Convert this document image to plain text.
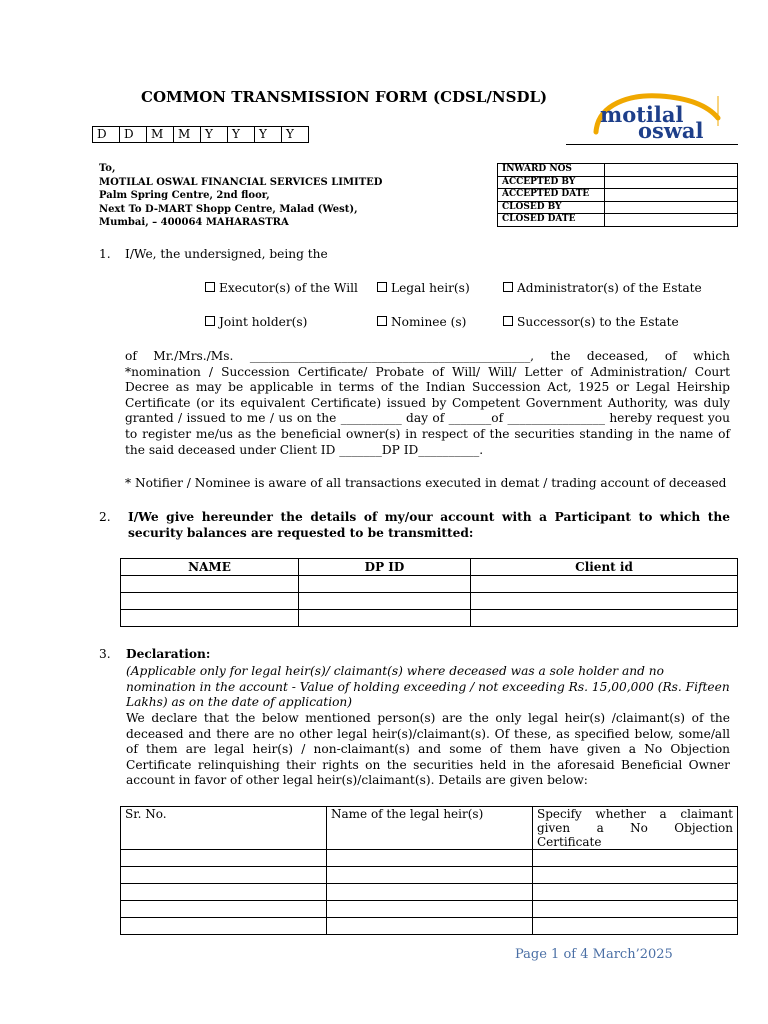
COMMON TRANSMISSION FORM (CDSL/NSDL)
motilal
oswal
D	D	M	M	Y	Y	Y	Y
To,
MOTILAL OSWAL FINANCIAL SERVICES LIMITED
Palm Spring Centre, 2nd floor,
Next To D-MART Shopp Centre, Malad (West),
Mumbai, – 400064 MAHARASTRA
INWARD NOS	
ACCEPTED BY	
ACCEPTED DATE	
CLOSED BY	
CLOSED DATE	
1. I/We, the undersigned, being the
Executor(s) of the Will	Legal heir(s)	Administrator(s) of the Estate
Joint holder(s)	Nominee (s)	Successor(s) to the Estate
of Mr./Mrs./Ms. ______________________________________________, the deceased, of which *nomination / Succession Certificate/ Probate of Will/ Will/ Letter of Administration/ Court Decree as may be applicable in terms of the Indian Succession Act, 1925 or Legal Heirship Certificate (or its equivalent Certificate) issued by Competent Government Authority, was duly granted / issued to me / us on the __________ day of _______of ________________ hereby request you to register me/us as the beneficial owner(s) in respect of the securities standing in the name of the said deceased under Client ID _______DP ID__________.
* Notifier / Nominee is aware of all transactions executed in demat / trading account of deceased
2. I/We give hereunder the details of my/our account with a Participant to which the security balances are requested to be transmitted:
NAME	DP ID	Client id

3. Declaration:
(Applicable only for legal heir(s)/ claimant(s) where deceased was a sole holder and no nomination in the account - Value of holding exceeding / not exceeding Rs. 15,00,000 (Rs. Fifteen Lakhs) as on the date of application)
We declare that the below mentioned person(s) are the only legal heir(s) /claimant(s) of the deceased and there are no other legal heir(s)/claimant(s). Of these, as specified below, some/all of them are legal heir(s) / non-claimant(s) and some of them have given a No Objection Certificate relinquishing their rights on the securities held in the aforesaid Beneficial Owner account in favor of other legal heir(s)/claimant(s). Details are given below:
Sr. No.	Name of the legal heir(s)	Specify whether a claimant given a No Objection Certificate

Page 1 of 4 March’2025
